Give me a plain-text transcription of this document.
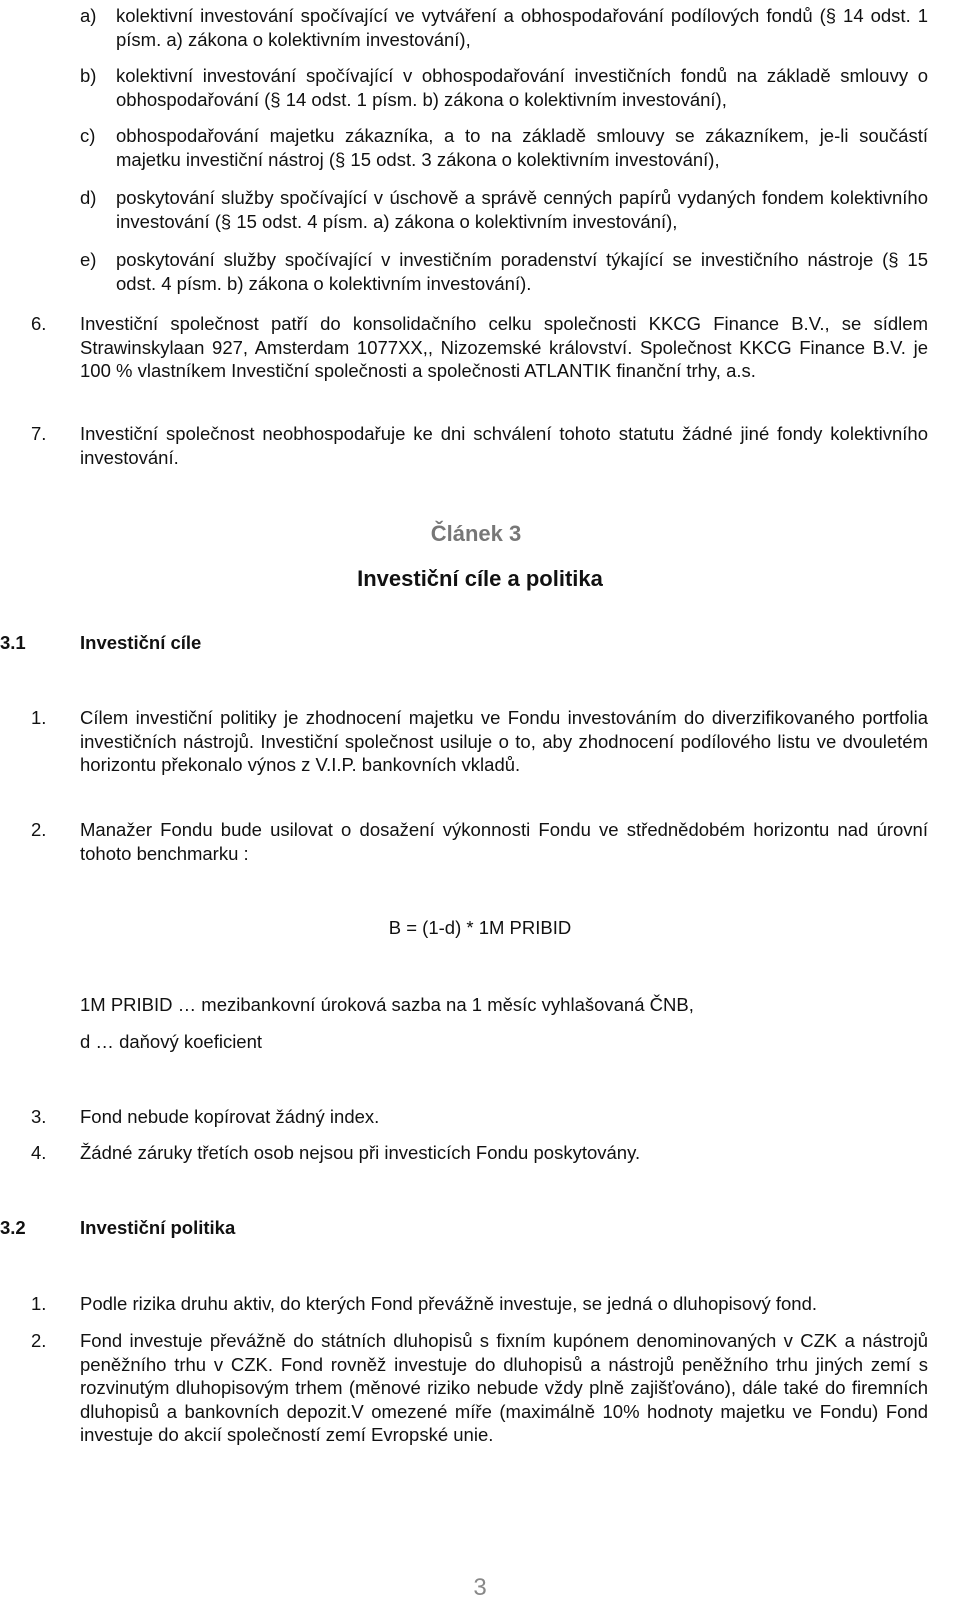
a)	kolektivní investování spočívající ve vytváření a obhospodařování podílových fondů (§ 14 odst. 1 písm. a) zákona o kolektivním investování),
b)	kolektivní investování spočívající v obhospodařování investičních fondů na základě smlouvy o obhospodařování (§ 14 odst. 1 písm. b) zákona o kolektivním investování),
c)	obhospodařování majetku zákazníka, a to na základě smlouvy se zákazníkem, je-li součástí majetku investiční nástroj (§ 15 odst. 3 zákona o kolektivním investování),
d)	poskytování služby spočívající v úschově a správě cenných papírů vydaných fondem kolektivního investování (§ 15 odst. 4 písm. a) zákona o kolektivním investování),
e)	poskytování služby spočívající v investičním poradenství týkající se investičního nástroje (§ 15 odst. 4 písm. b) zákona o kolektivním investování).
6. Investiční společnost patří do konsolidačního celku společnosti KKCG Finance B.V., se sídlem Strawinskylaan 927, Amsterdam 1077XX,, Nizozemské království. Společnost KKCG Finance B.V. je 100 % vlastníkem Investiční společnosti a společnosti ATLANTIK finanční trhy, a.s.
7. Investiční společnost neobhospodařuje ke dni schválení tohoto statutu žádné jiné fondy kolektivního investování.
Článek 3
Investiční cíle a politika
3.1	Investiční cíle
1. Cílem investiční politiky je zhodnocení majetku ve Fondu investováním do diverzifikovaného portfolia investičních nástrojů. Investiční společnost usiluje o to, aby zhodnocení podílového listu ve dvouletém horizontu překonalo výnos z V.I.P. bankovních vkladů.
2. Manažer Fondu bude usilovat o dosažení výkonnosti Fondu ve střednědobém horizontu nad úrovní tohoto benchmarku :
B = (1-d) * 1M PRIBID
1M PRIBID … mezibankovní úroková sazba na 1 měsíc vyhlašovaná ČNB,
d … daňový koeficient
3. Fond nebude kopírovat žádný index.
4. Žádné záruky třetích osob nejsou při investicích Fondu poskytovány.
3.2	Investiční politika
1. Podle rizika druhu aktiv, do kterých Fond převážně investuje, se jedná o dluhopisový fond.
2. Fond investuje převážně do státních dluhopisů s fixním kupónem denominovaných v CZK a nástrojů peněžního trhu v CZK. Fond rovněž investuje do dluhopisů a nástrojů peněžního trhu jiných zemí s rozvinutým dluhopisovým trhem (měnové riziko nebude vždy plně zajišťováno), dále také do firemních dluhopisů a bankovních depozit.V omezené míře (maximálně 10% hodnoty majetku ve Fondu) Fond investuje do akcií společností zemí Evropské unie.
3
